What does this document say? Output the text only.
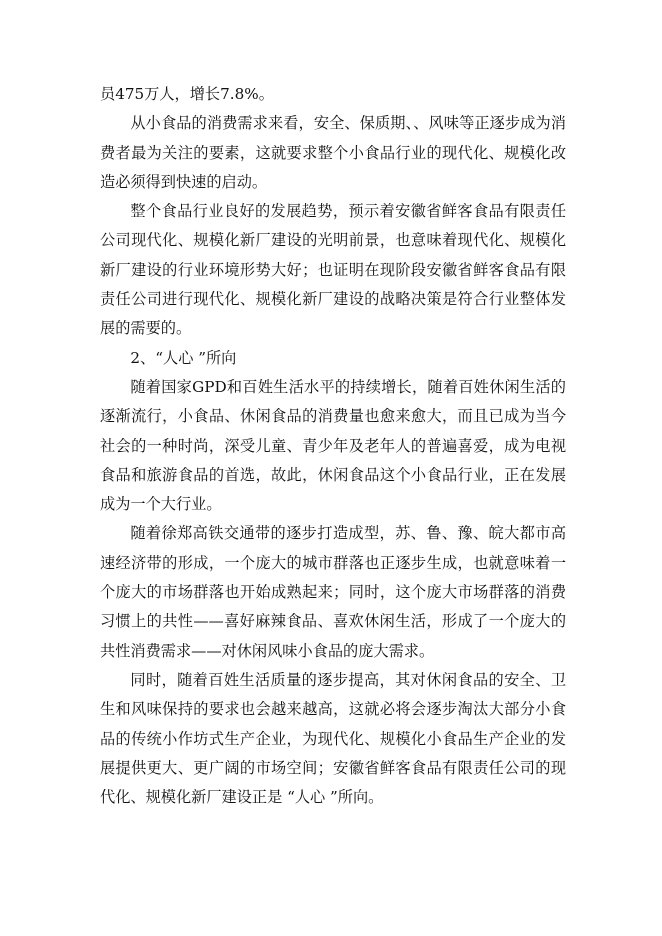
员475万人，增长7.8%。

从小食品的消费需求来看，安全、保质期、、风味等正逐步成为消费者最为关注的要素，这就要求整个小食品行业的现代化、规模化改造必须得到快速的启动。

整个食品行业良好的发展趋势，预示着安徽省鲜客食品有限责任公司现代化、规模化新厂建设的光明前景，也意味着现代化、规模化新厂建设的行业环境形势大好；也证明在现阶段安徽省鲜客食品有限责任公司进行现代化、规模化新厂建设的战略决策是符合行业整体发展的需要的。

2、“人心 ”所向

随着国家GPD和百姓生活水平的持续增长，随着百姓休闲生活的逐渐流行，小食品、休闲食品的消费量也愈来愈大，而且已成为当今社会的一种时尚，深受儿童、青少年及老年人的普遍喜爱，成为电视食品和旅游食品的首选，故此，休闲食品这个小食品行业，正在发展成为一个大行业。

随着徐郑高铁交通带的逐步打造成型，苏、鲁、豫、皖大都市高速经济带的形成，一个庞大的城市群落也正逐步生成，也就意味着一个庞大的市场群落也开始成熟起来；同时，这个庞大市场群落的消费习惯上的共性——喜好麻辣食品、喜欢休闲生活，形成了一个庞大的共性消费需求——对休闲风味小食品的庞大需求。

同时，随着百姓生活质量的逐步提高，其对休闲食品的安全、卫生和风味保持的要求也会越来越高，这就必将会逐步淘汰大部分小食品的传统小作坊式生产企业，为现代化、规模化小食品生产企业的发展提供更大、更广阔的市场空间；安徽省鲜客食品有限责任公司的现代化、规模化新厂建设正是 “人心 ”所向。
